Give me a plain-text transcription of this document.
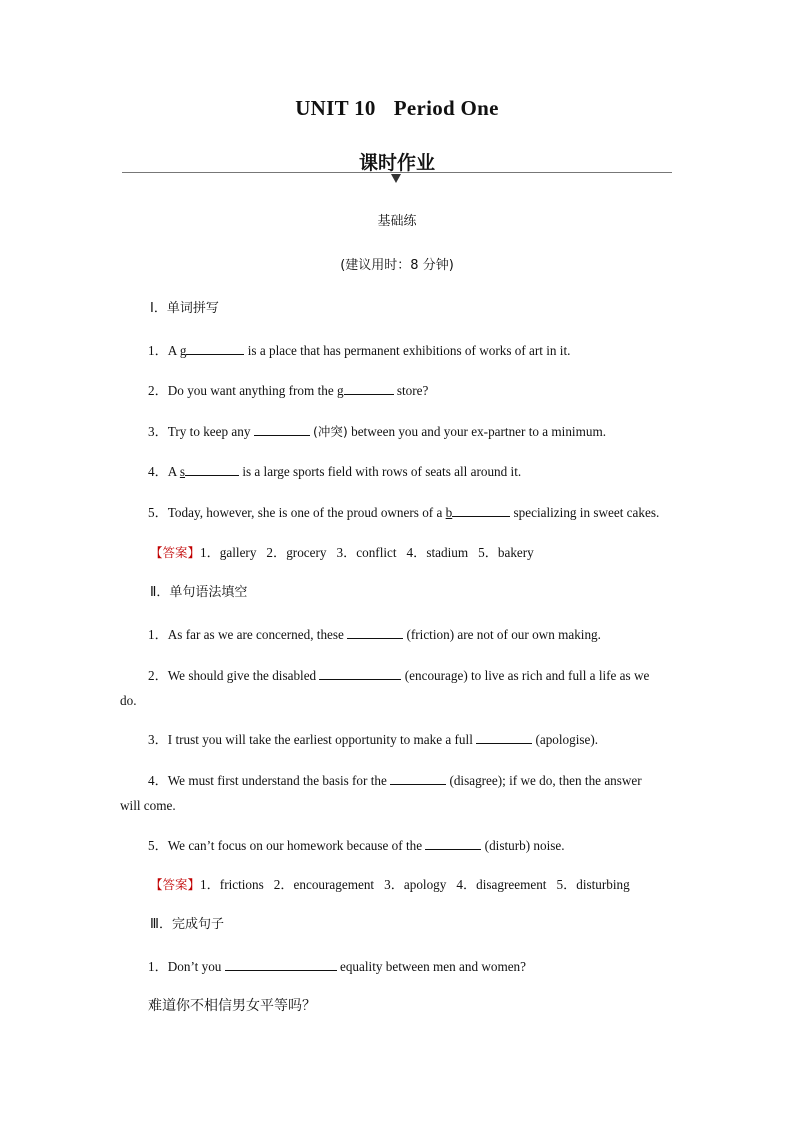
UNIT 10 Period One
课时作业
基础练
(建议用时：8 分钟)
Ⅰ．单词拼写
1．A g	is a place that has permanent exhibitions of works of art in it.
2．Do you want anything from the g	store?
3．Try to keep any	(冲突) between you and your ex-partner to a minimum.
4．A s	is a large sports field with rows of seats all around it.
5．Today, however, she is one of the proud owners of a b	specializing in sweet cakes.
【答案】1．gallery 2．grocery 3．conflict 4．stadium 5．bakery
Ⅱ．单句语法填空
1．As far as we are concerned, these	(friction) are not of our own making.
2．We should give the disabled	(encourage) to live as rich and full a life as we
do.
3．I trust you will take the earliest opportunity to make a full	(apologise).
4．We must first understand the basis for the	(disagree); if we do, then the answer
will come.
5．We can’t focus on our homework because of the	(disturb) noise.
【答案】1．frictions 2．encouragement 3．apology 4．disagreement 5．disturbing
Ⅲ．完成句子
1．Don’t you	equality between men and women?
难道你不相信男女平等吗？
